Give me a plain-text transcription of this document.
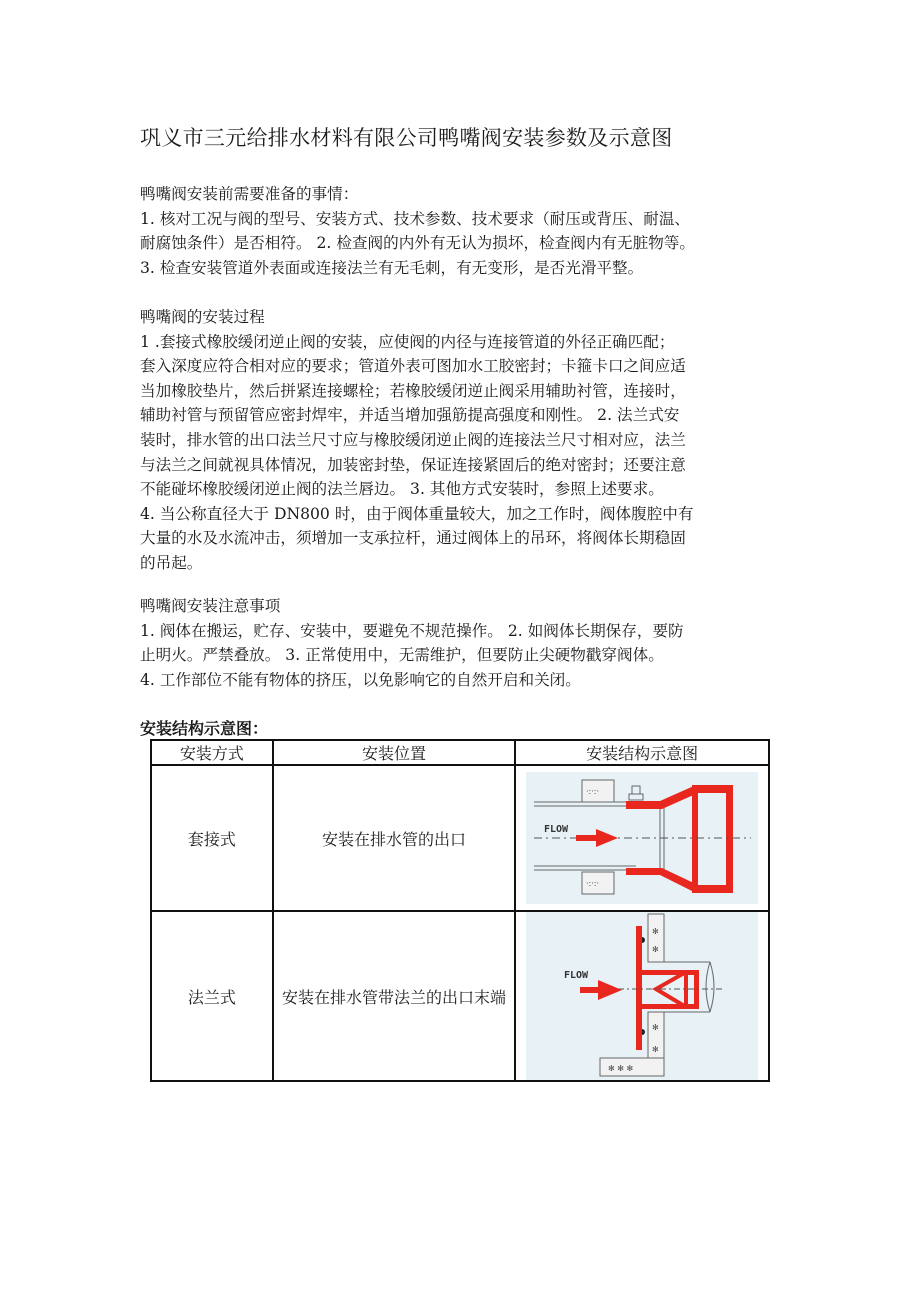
巩义市三元给排水材料有限公司鸭嘴阀安装参数及示意图

鸭嘴阀安装前需要准备的事情：

1. 核对工况与阀的型号、安装方式、技术参数、技术要求（耐压或背压、耐温、

耐腐蚀条件）是否相符。 2. 检查阀的内外有无认为损坏，检查阀内有无脏物等。

3. 检查安装管道外表面或连接法兰有无毛刺，有无变形，是否光滑平整。

鸭嘴阀的安装过程

1 .套接式橡胶缓闭逆止阀的安装，应使阀的内径与连接管道的外径正确匹配；

套入深度应符合相对应的要求；管道外表可图加水工胶密封；卡箍卡口之间应适

当加橡胶垫片，然后拼紧连接螺栓；若橡胶缓闭逆止阀采用辅助衬管，连接时，

辅助衬管与预留管应密封焊牢，并适当增加强筋提高强度和刚性。 2. 法兰式安

装时，排水管的出口法兰尺寸应与橡胶缓闭逆止阀的连接法兰尺寸相对应，法兰

与法兰之间就视具体情况，加装密封垫，保证连接紧固后的绝对密封；还要注意

不能碰坏橡胶缓闭逆止阀的法兰唇边。 3. 其他方式安装时，参照上述要求。

4. 当公称直径大于 DN800 时，由于阀体重量较大，加之工作时，阀体腹腔中有

大量的水及水流冲击，须增加一支承拉杆，通过阀体上的吊环，将阀体长期稳固

的吊起。

鸭嘴阀安装注意事项

1. 阀体在搬运，贮存、安装中，要避免不规范操作。 2. 如阀体长期保存，要防

止明火。严禁叠放。 3. 正常使用中，无需维护，但要防止尖硬物戳穿阀体。

4. 工作部位不能有物体的挤压，以免影响它的自然开启和关闭。

安装结构示意图：
安装方式	安装位置	安装结构示意图
套接式	安装在排水管的出口	·:·:·
·:·:·
FLOW

法兰式	安装在排水管带法兰的出口末端	
✻
✻
✻
✻
✻ ✻ ✻
FLOW
